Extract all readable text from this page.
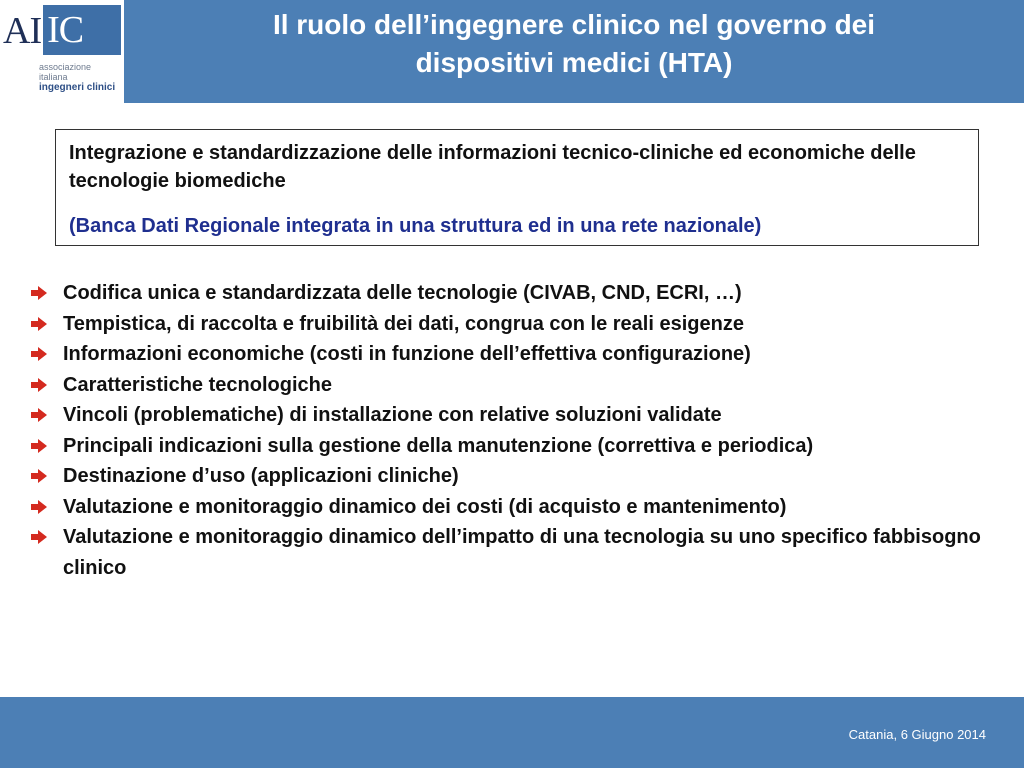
AI IC
associazione
italiana
ingegneri clinici
Il ruolo dell’ingegnere clinico nel governo dei
dispositivi medici (HTA)
Integrazione e standardizzazione delle informazioni tecnico-cliniche ed economiche delle tecnologie biomediche
(Banca Dati Regionale integrata in una struttura ed in una rete nazionale)
Codifica unica e standardizzata delle tecnologie (CIVAB, CND, ECRI, …)
Tempistica, di raccolta e fruibilità dei dati, congrua con le reali esigenze
Informazioni economiche (costi in funzione dell’effettiva configurazione)
Caratteristiche tecnologiche
Vincoli (problematiche) di installazione con relative soluzioni validate
Principali indicazioni sulla gestione della manutenzione (correttiva e periodica)
Destinazione d’uso (applicazioni cliniche)
Valutazione e monitoraggio dinamico dei costi (di acquisto e mantenimento)
Valutazione e monitoraggio dinamico dell’impatto di una tecnologia su uno specifico fabbisogno clinico
Catania, 6 Giugno 2014
